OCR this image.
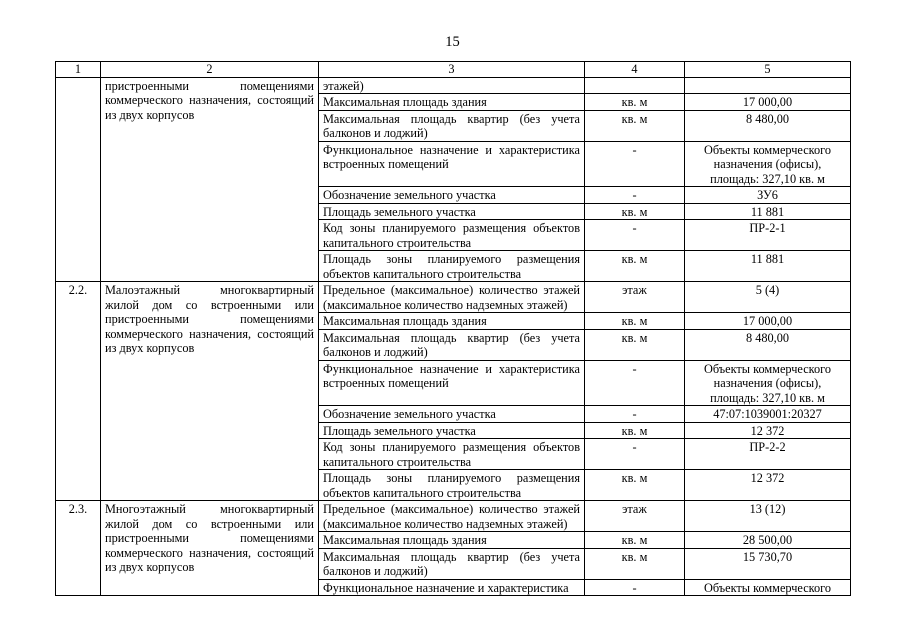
15
1	2	3	4	5
	пристроенными помещениями коммерческого назначения, состоящий из двух корпусов	этажей)		
		Максимальная площадь здания	кв. м	17 000,00
		Максимальная площадь квартир (без учета балконов и лоджий)	кв. м	8 480,00
		Функциональное назначение и характеристика встроенных помещений	-	Объекты коммерческого назначения (офисы), площадь: 327,10 кв. м
		Обозначение земельного участка	-	ЗУ6
		Площадь земельного участка	кв. м	11 881
		Код зоны планируемого размещения объектов капитального строительства	-	ПР-2-1
		Площадь зоны планируемого размещения объектов капитального строительства	кв. м	11 881
2.2.	Малоэтажный многоквартирный жилой дом со встроенными или пристроенными помещениями коммерческого назначения, состоящий из двух корпусов	Предельное (максимальное) количество этажей (максимальное количество надземных этажей)	этаж	5 (4)
		Максимальная площадь здания	кв. м	17 000,00
		Максимальная площадь квартир (без учета балконов и лоджий)	кв. м	8 480,00
		Функциональное назначение и характеристика встроенных помещений	-	Объекты коммерческого назначения (офисы), площадь: 327,10 кв. м
		Обозначение земельного участка	-	47:07:1039001:20327
		Площадь земельного участка	кв. м	12 372
		Код зоны планируемого размещения объектов капитального строительства	-	ПР-2-2
		Площадь зоны планируемого размещения объектов капитального строительства	кв. м	12 372
2.3.	Многоэтажный многоквартирный жилой дом со встроенными или пристроенными помещениями коммерческого назначения, состоящий из двух корпусов	Предельное (максимальное) количество этажей (максимальное количество надземных этажей)	этаж	13 (12)
		Максимальная площадь здания	кв. м	28 500,00
		Максимальная площадь квартир (без учета балконов и лоджий)	кв. м	15 730,70
		Функциональное назначение и характеристика	-	Объекты коммерческого
